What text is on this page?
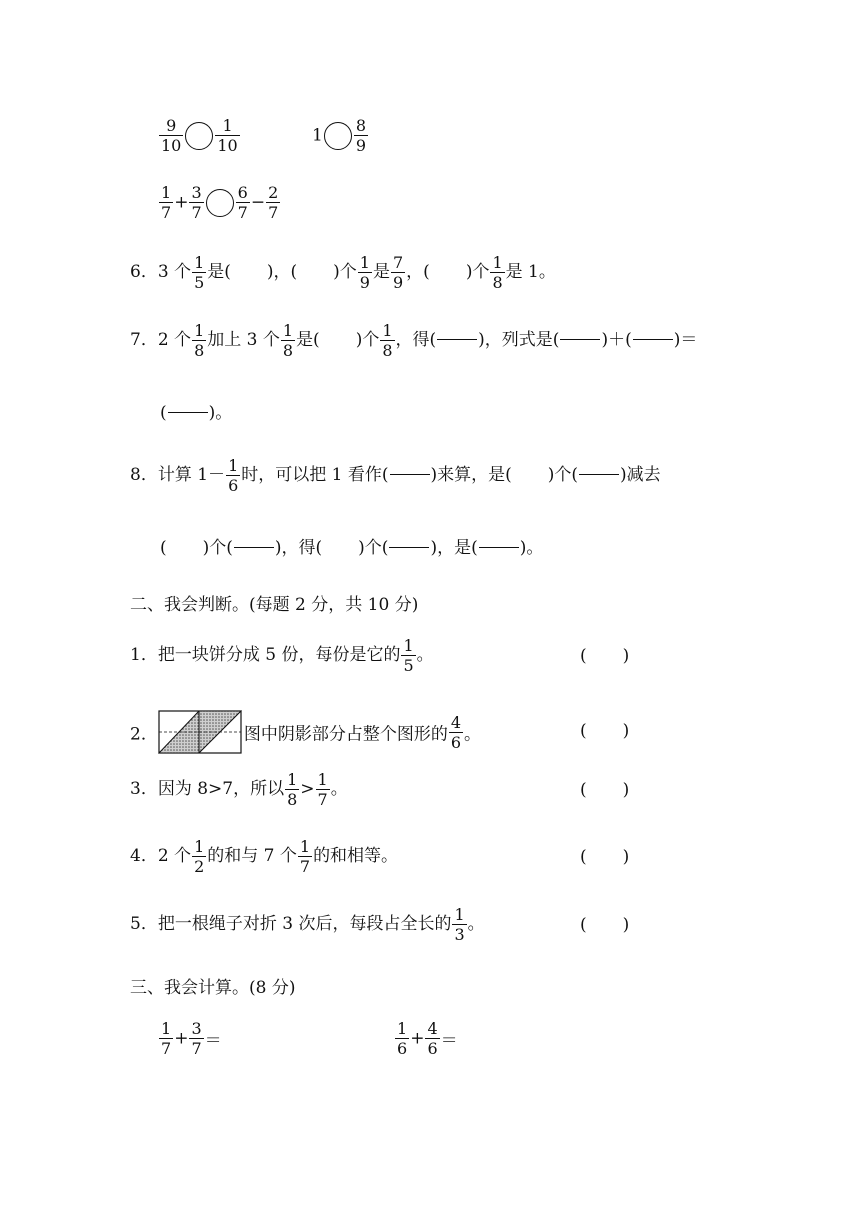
$\frac{9}{10} \frac{1}{10}$	$1 \frac{8}{9}$
$\frac{1}{7} + \frac{3}{7} \frac{6}{7} - \frac{2}{7}$
6．3 个 $\frac{1}{5}$ 是( )，( )个 $\frac{1}{9}$ 是 $\frac{7}{9}$ ，( )个 $\frac{1}{8}$ 是 1。
7．2 个 $\frac{1}{8}$ 加上 3 个 $\frac{1}{8}$ 是( )个 $\frac{1}{8}$ ，得( )，列式是( )＋( )＝
( )。
8．计算 $1- \frac{1}{6}$ 时，可以把 1 看作( )来算，是( )个( )减去
( )个( )，得( )个( )，是( )。
二、我会判断。(每题 2 分，共 10 分)
1．把一块饼分成 5 份，每份是它的 $\frac{1}{5}$ 。	( )
2．	图中阴影部分占整个图形的 $\frac{4}{6}$ 。	( )
3．因为 8>7，所以 $\frac{1}{8} > \frac{1}{7}$ 。	( )
4．2 个 $\frac{1}{2}$ 的和与 7 个 $\frac{1}{7}$ 的和相等。	( )
5．把一根绳子对折 3 次后，每段占全长的 $\frac{1}{3}$ 。	( )
三、我会计算。(8 分)
$\frac{1}{7} + \frac{3}{7}$ ＝	$\frac{1}{6} + \frac{4}{6}$ ＝
